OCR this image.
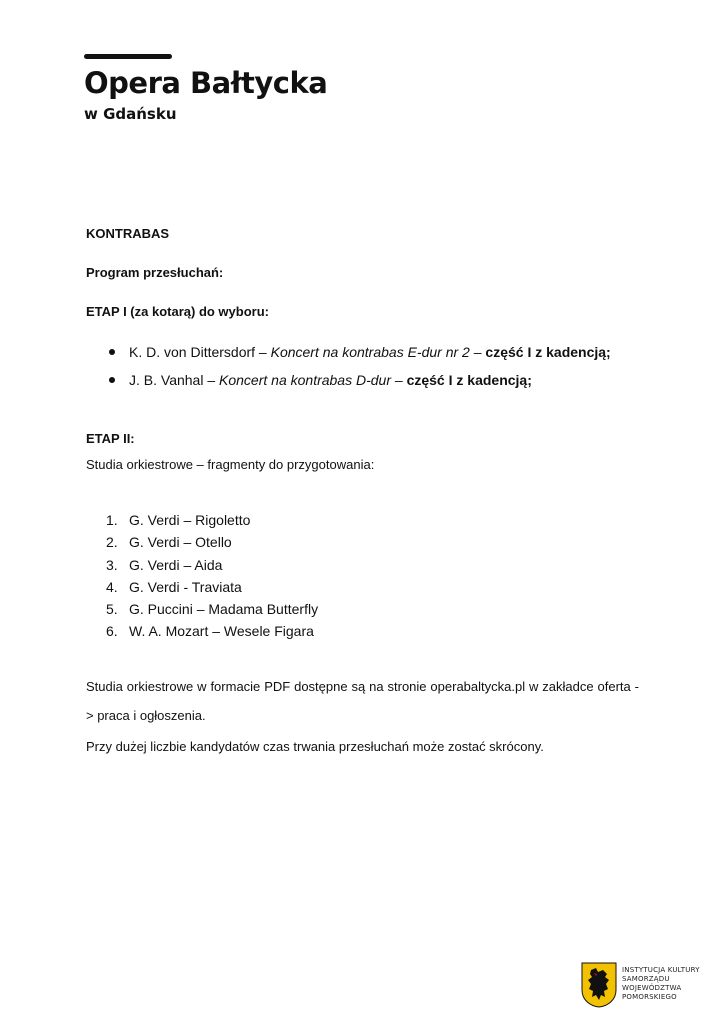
Opera Bałtycka
w Gdańsku
KONTRABAS
Program przesłuchań:
ETAP I (za kotarą) do wyboru:
K. D. von Dittersdorf – Koncert na kontrabas E-dur nr 2 – część I z kadencją;
J. B. Vanhal – Koncert na kontrabas D-dur – część I z kadencją;
ETAP II:
Studia orkiestrowe – fragmenty do przygotowania:
1. G. Verdi – Rigoletto
2. G. Verdi – Otello
3. G. Verdi – Aida
4. G. Verdi - Traviata
5. G. Puccini – Madama Butterfly
6. W. A. Mozart – Wesele Figara
Studia orkiestrowe w formacie PDF dostępne są na stronie operabaltycka.pl w zakładce oferta -> praca i ogłoszenia.
Przy dużej liczbie kandydatów czas trwania przesłuchań może zostać skrócony.
INSTYTUCJA KULTURY
SAMORZĄDU
WOJEWÓDZTWA
POMORSKIEGO
